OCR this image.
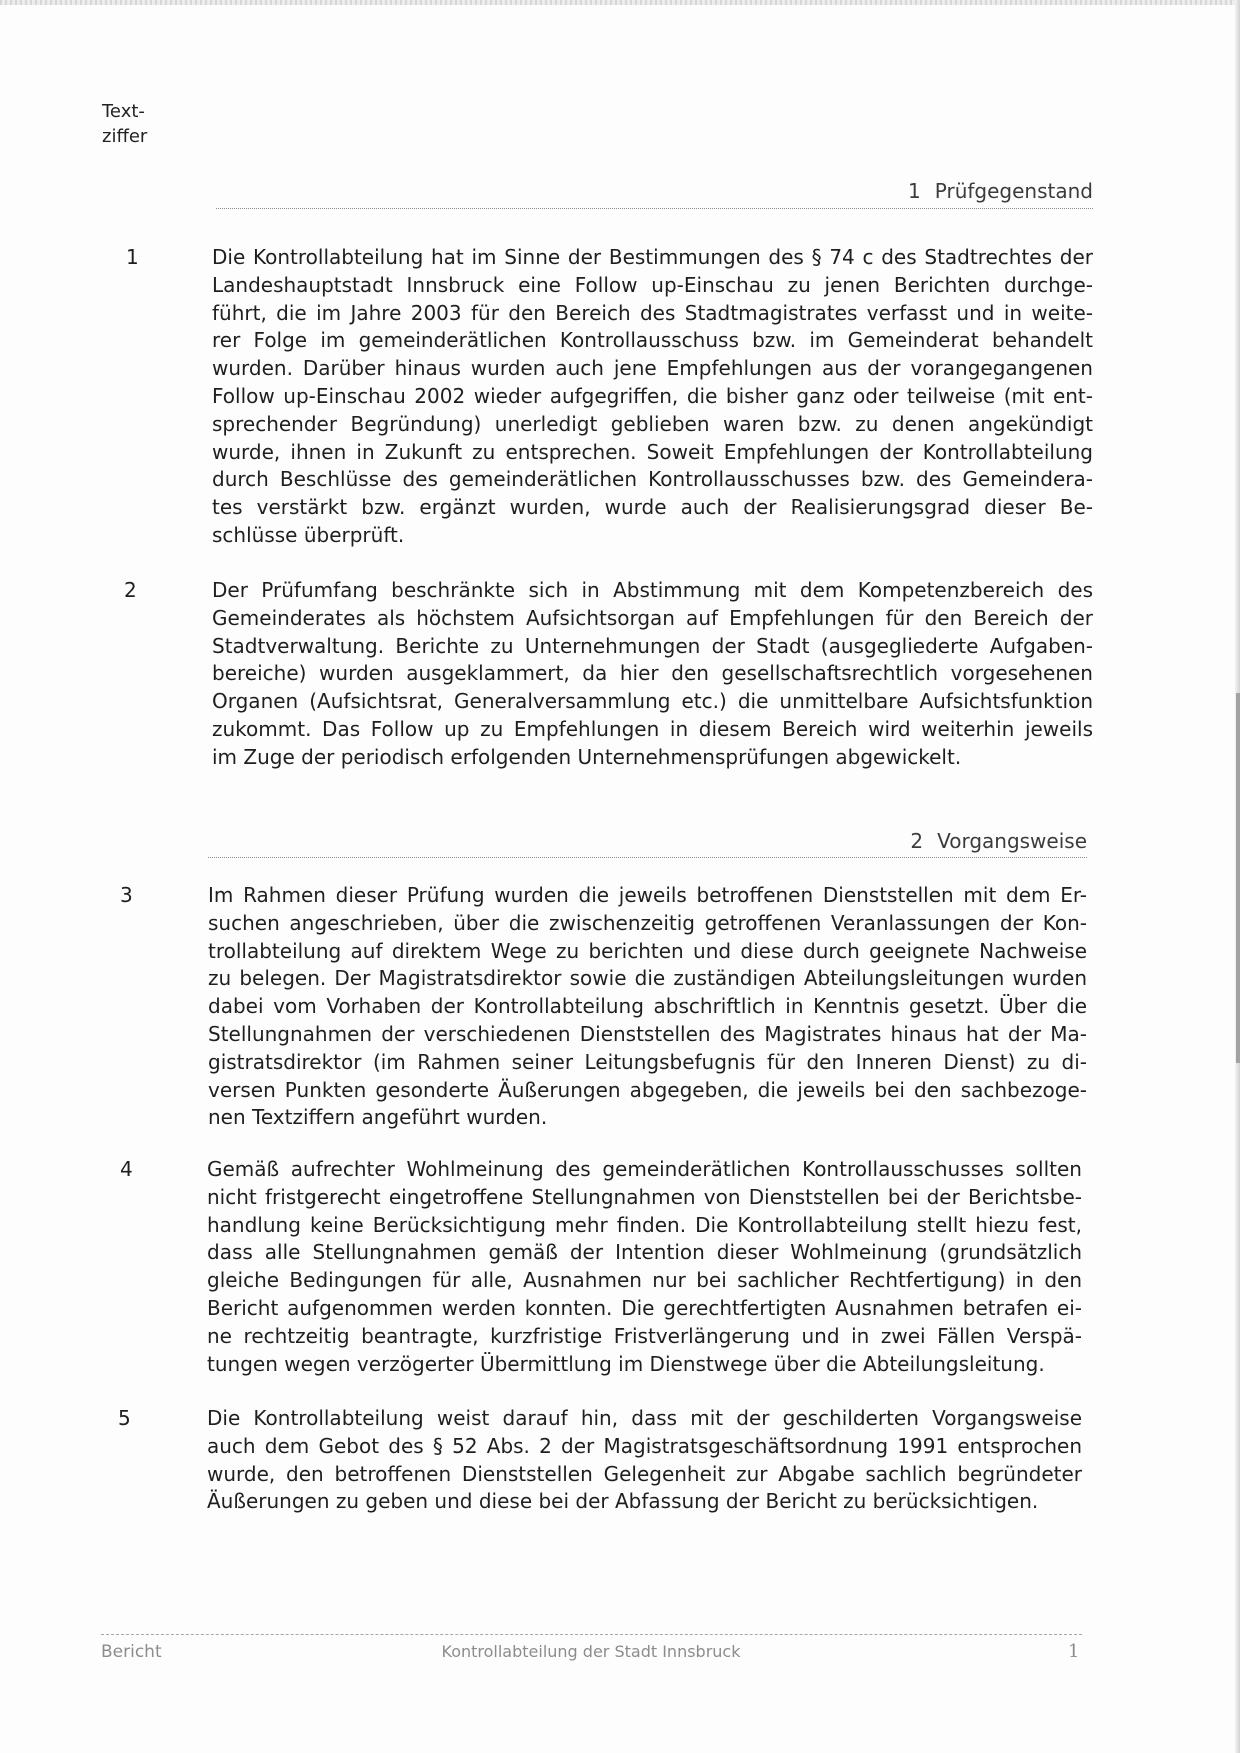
Text-
ziffer
1 Prüfgegenstand
1	Die Kontrollabteilung hat im Sinne der Bestimmungen des § 74 c des Stadtrechtes der
Landeshauptstadt Innsbruck eine Follow up-Einschau zu jenen Berichten durchge-
führt, die im Jahre 2003 für den Bereich des Stadtmagistrates verfasst und in weite-
rer Folge im gemeinderätlichen Kontrollausschuss bzw. im Gemeinderat behandelt
wurden. Darüber hinaus wurden auch jene Empfehlungen aus der vorangegangenen
Follow up-Einschau 2002 wieder aufgegriffen, die bisher ganz oder teilweise (mit ent-
sprechender Begründung) unerledigt geblieben waren bzw. zu denen angekündigt
wurde, ihnen in Zukunft zu entsprechen. Soweit Empfehlungen der Kontrollabteilung
durch Beschlüsse des gemeinderätlichen Kontrollausschusses bzw. des Gemeindera-
tes verstärkt bzw. ergänzt wurden, wurde auch der Realisierungsgrad dieser Be-
schlüsse überprüft.
2	Der Prüfumfang beschränkte sich in Abstimmung mit dem Kompetenzbereich des
Gemeinderates als höchstem Aufsichtsorgan auf Empfehlungen für den Bereich der
Stadtverwaltung. Berichte zu Unternehmungen der Stadt (ausgegliederte Aufgaben-
bereiche) wurden ausgeklammert, da hier den gesellschaftsrechtlich vorgesehenen
Organen (Aufsichtsrat, Generalversammlung etc.) die unmittelbare Aufsichtsfunktion
zukommt. Das Follow up zu Empfehlungen in diesem Bereich wird weiterhin jeweils
im Zuge der periodisch erfolgenden Unternehmensprüfungen abgewickelt.
2 Vorgangsweise
3	Im Rahmen dieser Prüfung wurden die jeweils betroffenen Dienststellen mit dem Er-
suchen angeschrieben, über die zwischenzeitig getroffenen Veranlassungen der Kon-
trollabteilung auf direktem Wege zu berichten und diese durch geeignete Nachweise
zu belegen. Der Magistratsdirektor sowie die zuständigen Abteilungsleitungen wurden
dabei vom Vorhaben der Kontrollabteilung abschriftlich in Kenntnis gesetzt. Über die
Stellungnahmen der verschiedenen Dienststellen des Magistrates hinaus hat der Ma-
gistratsdirektor (im Rahmen seiner Leitungsbefugnis für den Inneren Dienst) zu di-
versen Punkten gesonderte Äußerungen abgegeben, die jeweils bei den sachbezoge-
nen Textziffern angeführt wurden.
4	Gemäß aufrechter Wohlmeinung des gemeinderätlichen Kontrollausschusses sollten
nicht fristgerecht eingetroffene Stellungnahmen von Dienststellen bei der Berichtsbe-
handlung keine Berücksichtigung mehr finden. Die Kontrollabteilung stellt hiezu fest,
dass alle Stellungnahmen gemäß der Intention dieser Wohlmeinung (grundsätzlich
gleiche Bedingungen für alle, Ausnahmen nur bei sachlicher Rechtfertigung) in den
Bericht aufgenommen werden konnten. Die gerechtfertigten Ausnahmen betrafen ei-
ne rechtzeitig beantragte, kurzfristige Fristverlängerung und in zwei Fällen Verspä-
tungen wegen verzögerter Übermittlung im Dienstwege über die Abteilungsleitung.
5	Die Kontrollabteilung weist darauf hin, dass mit der geschilderten Vorgangsweise
auch dem Gebot des § 52 Abs. 2 der Magistratsgeschäftsordnung 1991 entsprochen
wurde, den betroffenen Dienststellen Gelegenheit zur Abgabe sachlich begründeter
Äußerungen zu geben und diese bei der Abfassung der Bericht zu berücksichtigen.
Bericht	Kontrollabteilung der Stadt Innsbruck	1
